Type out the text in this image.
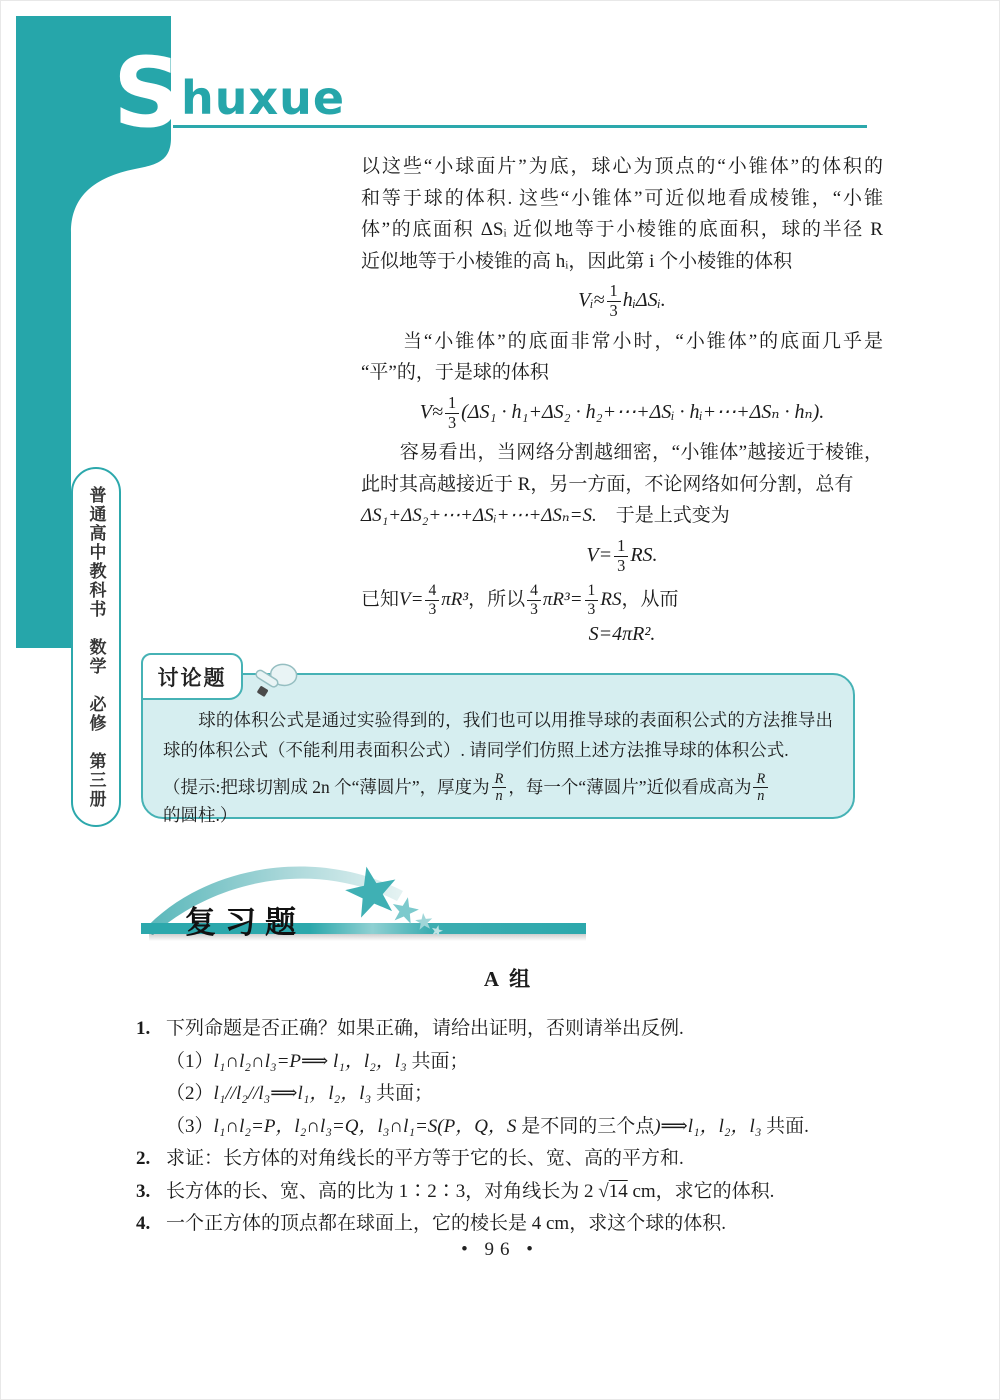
S
huxue
普通高中教科书　数学　必修　第三册
以这些“小球面片”为底，球心为顶点的“小锥体”的体积的
和等于球的体积. 这些“小锥体”可近似地看成棱锥，“小锥
体”的底面积 ΔSᵢ 近似地等于小棱锥的底面积，球的半径 R
近似地等于小棱锥的高 hᵢ，因此第 i 个小棱锥的体积
Vᵢ≈ $\frac{1}{3}$ hᵢΔSᵢ.
　　当“小锥体”的底面非常小时，“小锥体”的底面几乎是
“平”的，于是球的体积
$V\approx \frac{1}{3} (\Delta S_1 \cdot h_1+\Delta S_2$ · h₂+⋯+ΔSᵢ · hᵢ+⋯+ΔSₙ · hₙ).
　　容易看出，当网络分割越细密，“小锥体”越接近于棱锥，
此时其高越接近于 R，另一方面，不论网络如何分割，总有
ΔS₁+ΔS₂+⋯+ΔSᵢ+⋯+ΔSₙ=S.　于是上式变为
$V= \frac{1}{3}$ RS.
已知 $V= \frac{4}{3} \pi R^3$ ，所以 4
3 $\pi R^3= \frac{1}{3}$ RS ，从而
S=4πR².
讨论题
　　球的体积公式是通过实验得到的，我们也可以用推导球的表面积公式的方法推导出球的体积公式（不能利用表面积公式）. 请同学们仿照上述方法推导球的体积公式.
（提示:把球切割成 2n 个“薄圆片”，厚度为 R
n ，每一个“薄圆片”近似看成高为 R
n
的圆柱.）
复习题
A 组
1. 下列命题是否正确？如果正确，请给出证明，否则请举出反例.
（1）l₁∩l₂∩l₃=P⟹ l₁，l₂，l₃ 共面；
（2）l₁//l₂//l₃⟹l₁，l₂，l₃ 共面；
（3）l₁∩l₂=P，l₂∩l₃=Q，l₃∩l₁=S(P，Q，S 是不同的三个点)⟹l₁，l₂，l₃ 共面.
2. 求证：长方体的对角线长的平方等于它的长、宽、高的平方和.
3. 长方体的长、宽、高的比为 1∶2∶3，对角线长为 2 √14 cm，求它的体积.
4. 一个正方体的顶点都在球面上，它的棱长是 4 cm，求这个球的体积.
• 96 •
